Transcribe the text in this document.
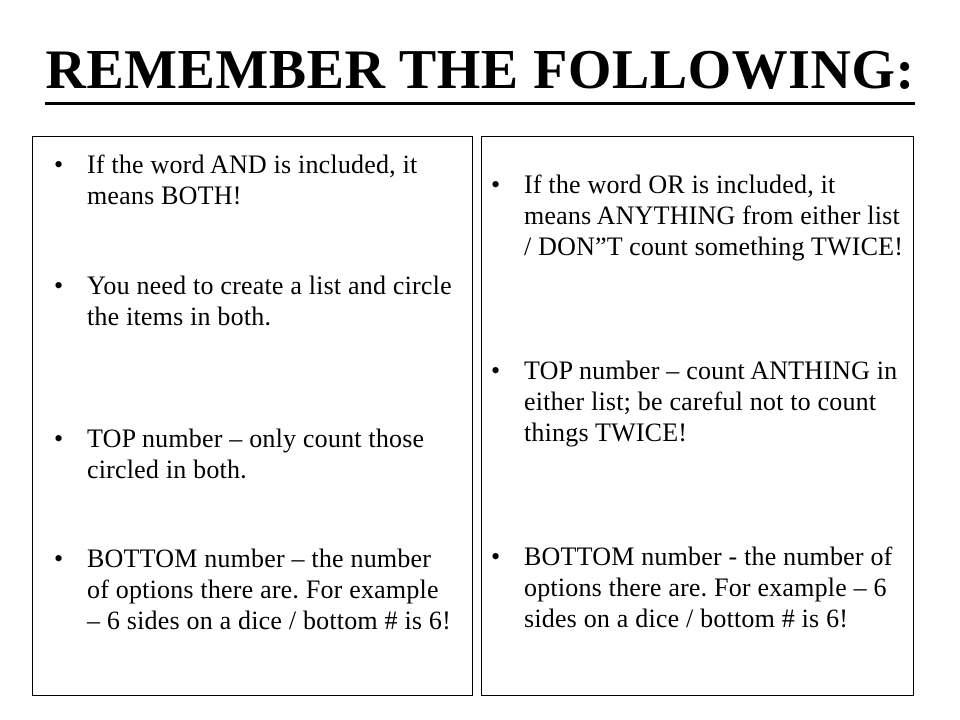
REMEMBER THE FOLLOWING:
• If the word AND is included, it means BOTH!
• You need to create a list and circle the items in both.
• TOP number – only count those circled in both.
• BOTTOM number – the number of options there are. For example – 6 sides on a dice / bottom # is 6!
• If the word OR is included, it means ANYTHING from either list / DON”T count something TWICE!
• TOP number – count ANTHING in either list; be careful not to count things TWICE!
• BOTTOM number - the number of options there are. For example – 6 sides on a dice / bottom # is 6!
